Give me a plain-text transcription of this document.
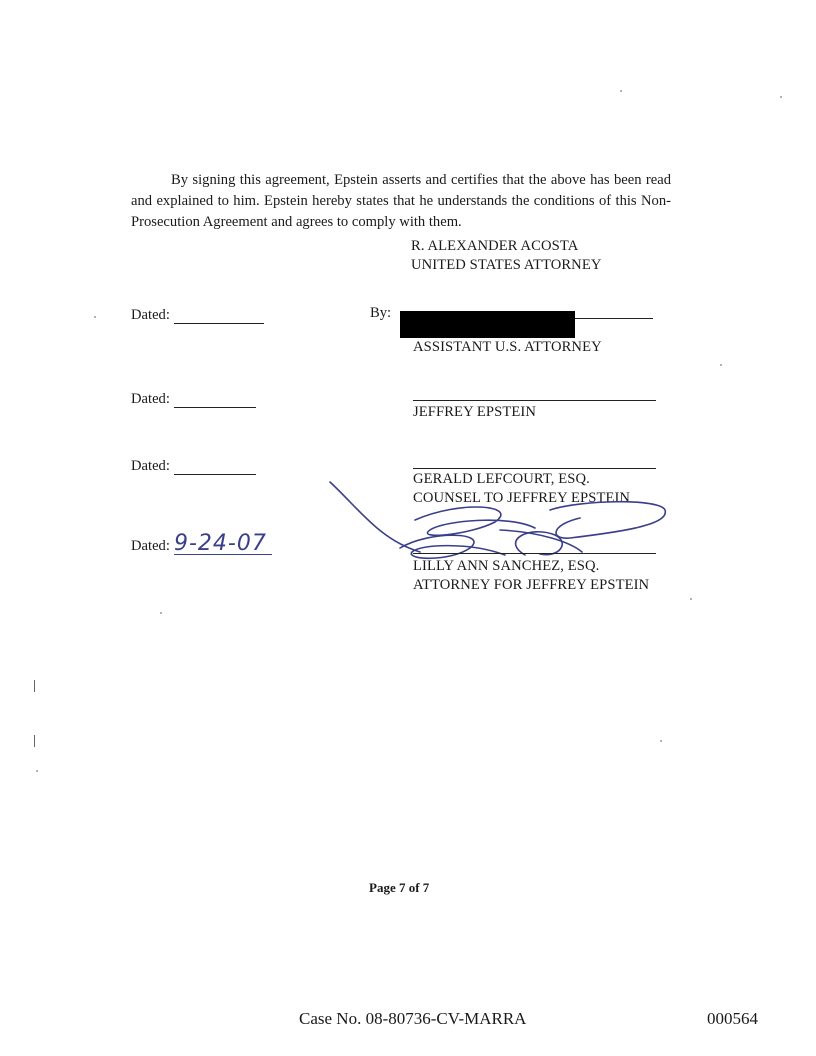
By signing this agreement, Epstein asserts and certifies that the above has been read and explained to him. Epstein hereby states that he understands the conditions of this Non-Prosecution Agreement and agrees to comply with them.
R. ALEXANDER ACOSTA
UNITED STATES ATTORNEY
Dated:	By:
ASSISTANT U.S. ATTORNEY
Dated:
JEFFREY EPSTEIN
Dated:
GERALD LEFCOURT, ESQ.
COUNSEL TO JEFFREY EPSTEIN
Dated: 9-24-07
LILLY ANN SANCHEZ, ESQ.
ATTORNEY FOR JEFFREY EPSTEIN
Page 7 of 7
Case No. 08-80736-CV-MARRA	000564
